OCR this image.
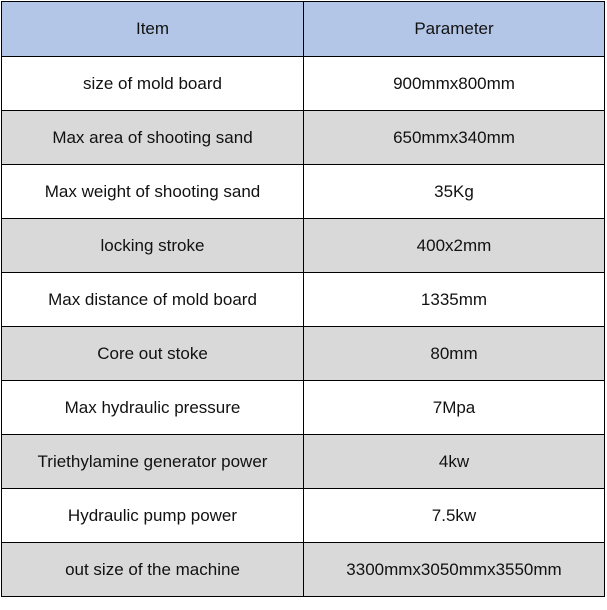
Item	Parameter
size of mold board	900mmx800mm
Max area of shooting sand	650mmx340mm
Max weight of shooting sand	35Kg
locking stroke	400x2mm
Max distance of mold board	1335mm
Core out stoke	80mm
Max hydraulic pressure	7Mpa
Triethylamine generator power	4kw
Hydraulic pump power	7.5kw
out size of the machine	3300mmx3050mmx3550mm
